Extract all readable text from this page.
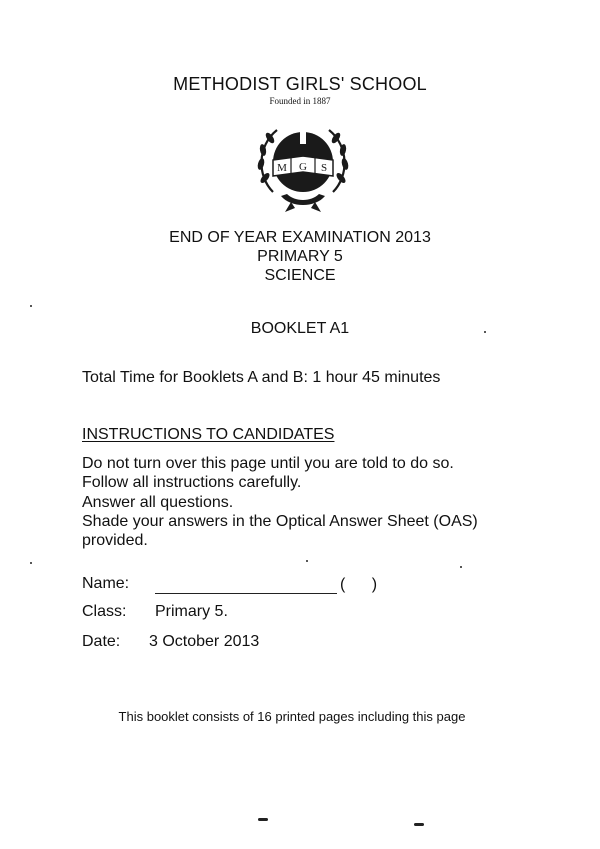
METHODIST GIRLS' SCHOOL
Founded in 1887
M G S
END OF YEAR EXAMINATION 2013
PRIMARY 5
SCIENCE
BOOKLET A1
Total Time for Booklets A and B: 1 hour 45 minutes
INSTRUCTIONS TO CANDIDATES
Do not turn over this page until you are told to do so.
Follow all instructions carefully.
Answer all questions.
Shade your answers in the Optical Answer Sheet (OAS)
provided.
Name:	( )
Class: Primary 5.
Date: 3 October 2013
This booklet consists of 16 printed pages including this page
